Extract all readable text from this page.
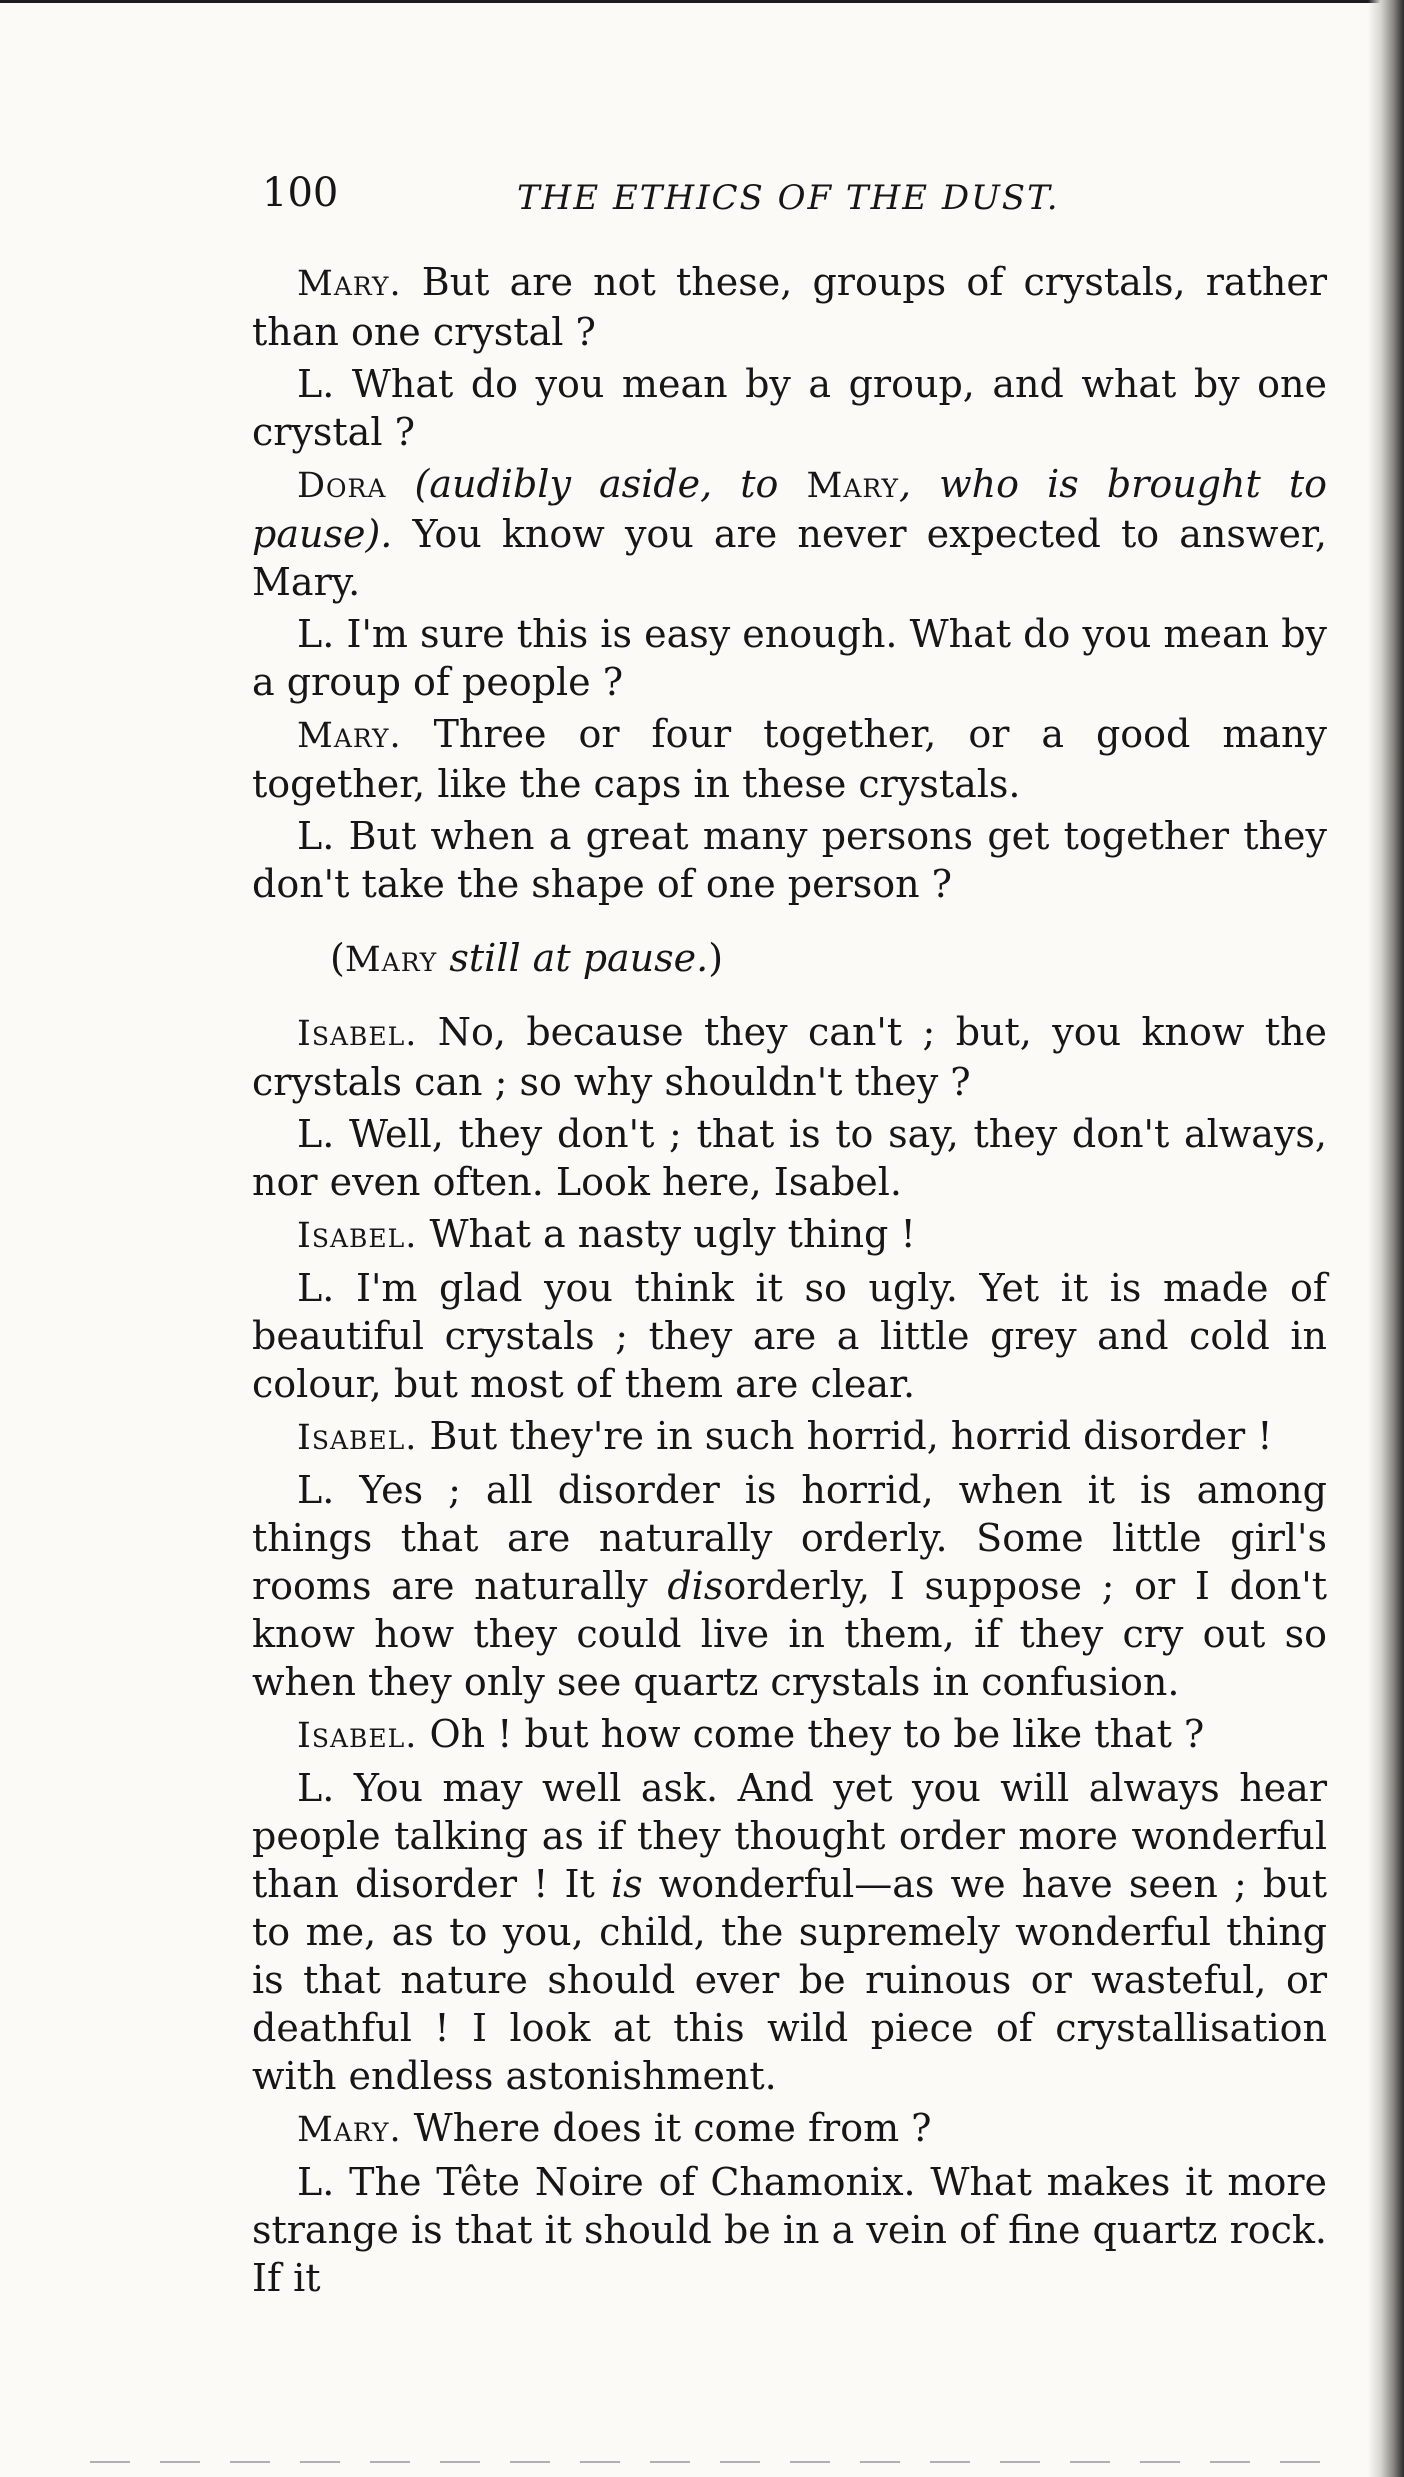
100	THE ETHICS OF THE DUST.

Mary. But are not these, groups of crystals, rather than one crystal ?

L. What do you mean by a group, and what by one crystal ?

Dora (audibly aside, to Mary, who is brought to pause). You know you are never expected to answer, Mary.

L. I'm sure this is easy enough. What do you mean by a group of people ?

Mary. Three or four together, or a good many together, like the caps in these crystals.

L. But when a great many persons get together they don't take the shape of one person ?

(Mary still at pause.)

Isabel. No, because they can't ; but, you know the crystals can ; so why shouldn't they ?

L. Well, they don't ; that is to say, they don't always, nor even often. Look here, Isabel.

Isabel. What a nasty ugly thing !

L. I'm glad you think it so ugly. Yet it is made of beautiful crystals ; they are a little grey and cold in colour, but most of them are clear.

Isabel. But they're in such horrid, horrid disorder !

L. Yes ; all disorder is horrid, when it is among things that are naturally orderly. Some little girl's rooms are naturally disorderly, I suppose ; or I don't know how they could live in them, if they cry out so when they only see quartz crystals in confusion.

Isabel. Oh ! but how come they to be like that ?

L. You may well ask. And yet you will always hear people talking as if they thought order more wonderful than disorder ! It is wonderful—as we have seen ; but to me, as to you, child, the supremely wonderful thing is that nature should ever be ruinous or wasteful, or deathful ! I look at this wild piece of crystallisation with endless astonishment.

Mary. Where does it come from ?

L. The Tête Noire of Chamonix. What makes it more strange is that it should be in a vein of fine quartz rock. If it
